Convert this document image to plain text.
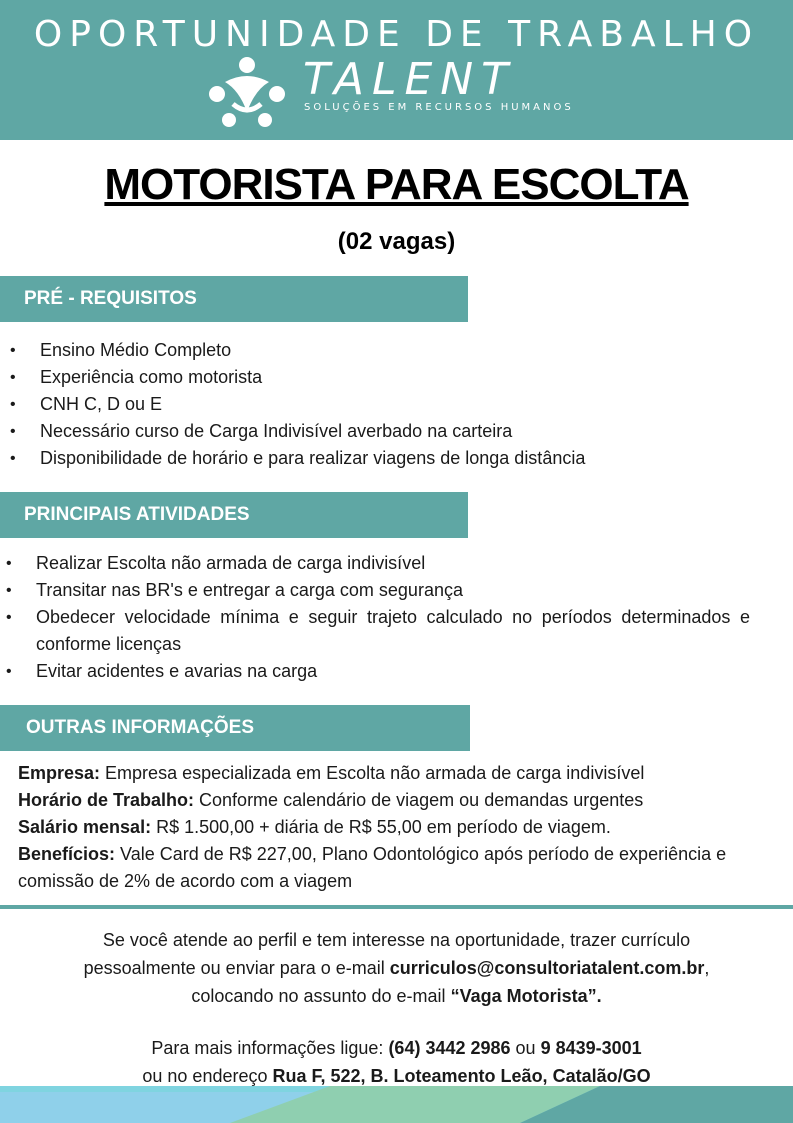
OPORTUNIDADE DE TRABALHO
TALENT
SOLUÇÕES EM RECURSOS HUMANOS
MOTORISTA PARA ESCOLTA
(02 vagas)
PRÉ - REQUISITOS
• Ensino Médio Completo
• Experiência como motorista
• CNH C, D ou E
• Necessário curso de Carga Indivisível averbado na carteira
• Disponibilidade de horário e para realizar viagens de longa distância
PRINCIPAIS ATIVIDADES
• Realizar Escolta não armada de carga indivisível
• Transitar nas BR's e entregar a carga com segurança
• Obedecer velocidade mínima e seguir trajeto calculado no períodos determinados e conforme licenças
• Evitar acidentes e avarias na carga
OUTRAS INFORMAÇÕES

Empresa: Empresa especializada em Escolta não armada de carga indivisível

Horário de Trabalho: Conforme calendário de viagem ou demandas urgentes

Salário mensal: R$ 1.500,00 + diária de R$ 55,00 em período de viagem.

Benefícios: Vale Card de R$ 227,00, Plano Odontológico após período de experiência e comissão de 2% de acordo com a viagem

Se você atende ao perfil e tem interesse na oportunidade, trazer currículo

pessoalmente ou enviar para o e-mail curriculos@consultoriatalent.com.br,

colocando no assunto do e-mail “Vaga Motorista”.

Para mais informações ligue: (64) 3442 2986 ou 9 8439-3001

ou no endereço Rua F, 522, B. Loteamento Leão, Catalão/GO
